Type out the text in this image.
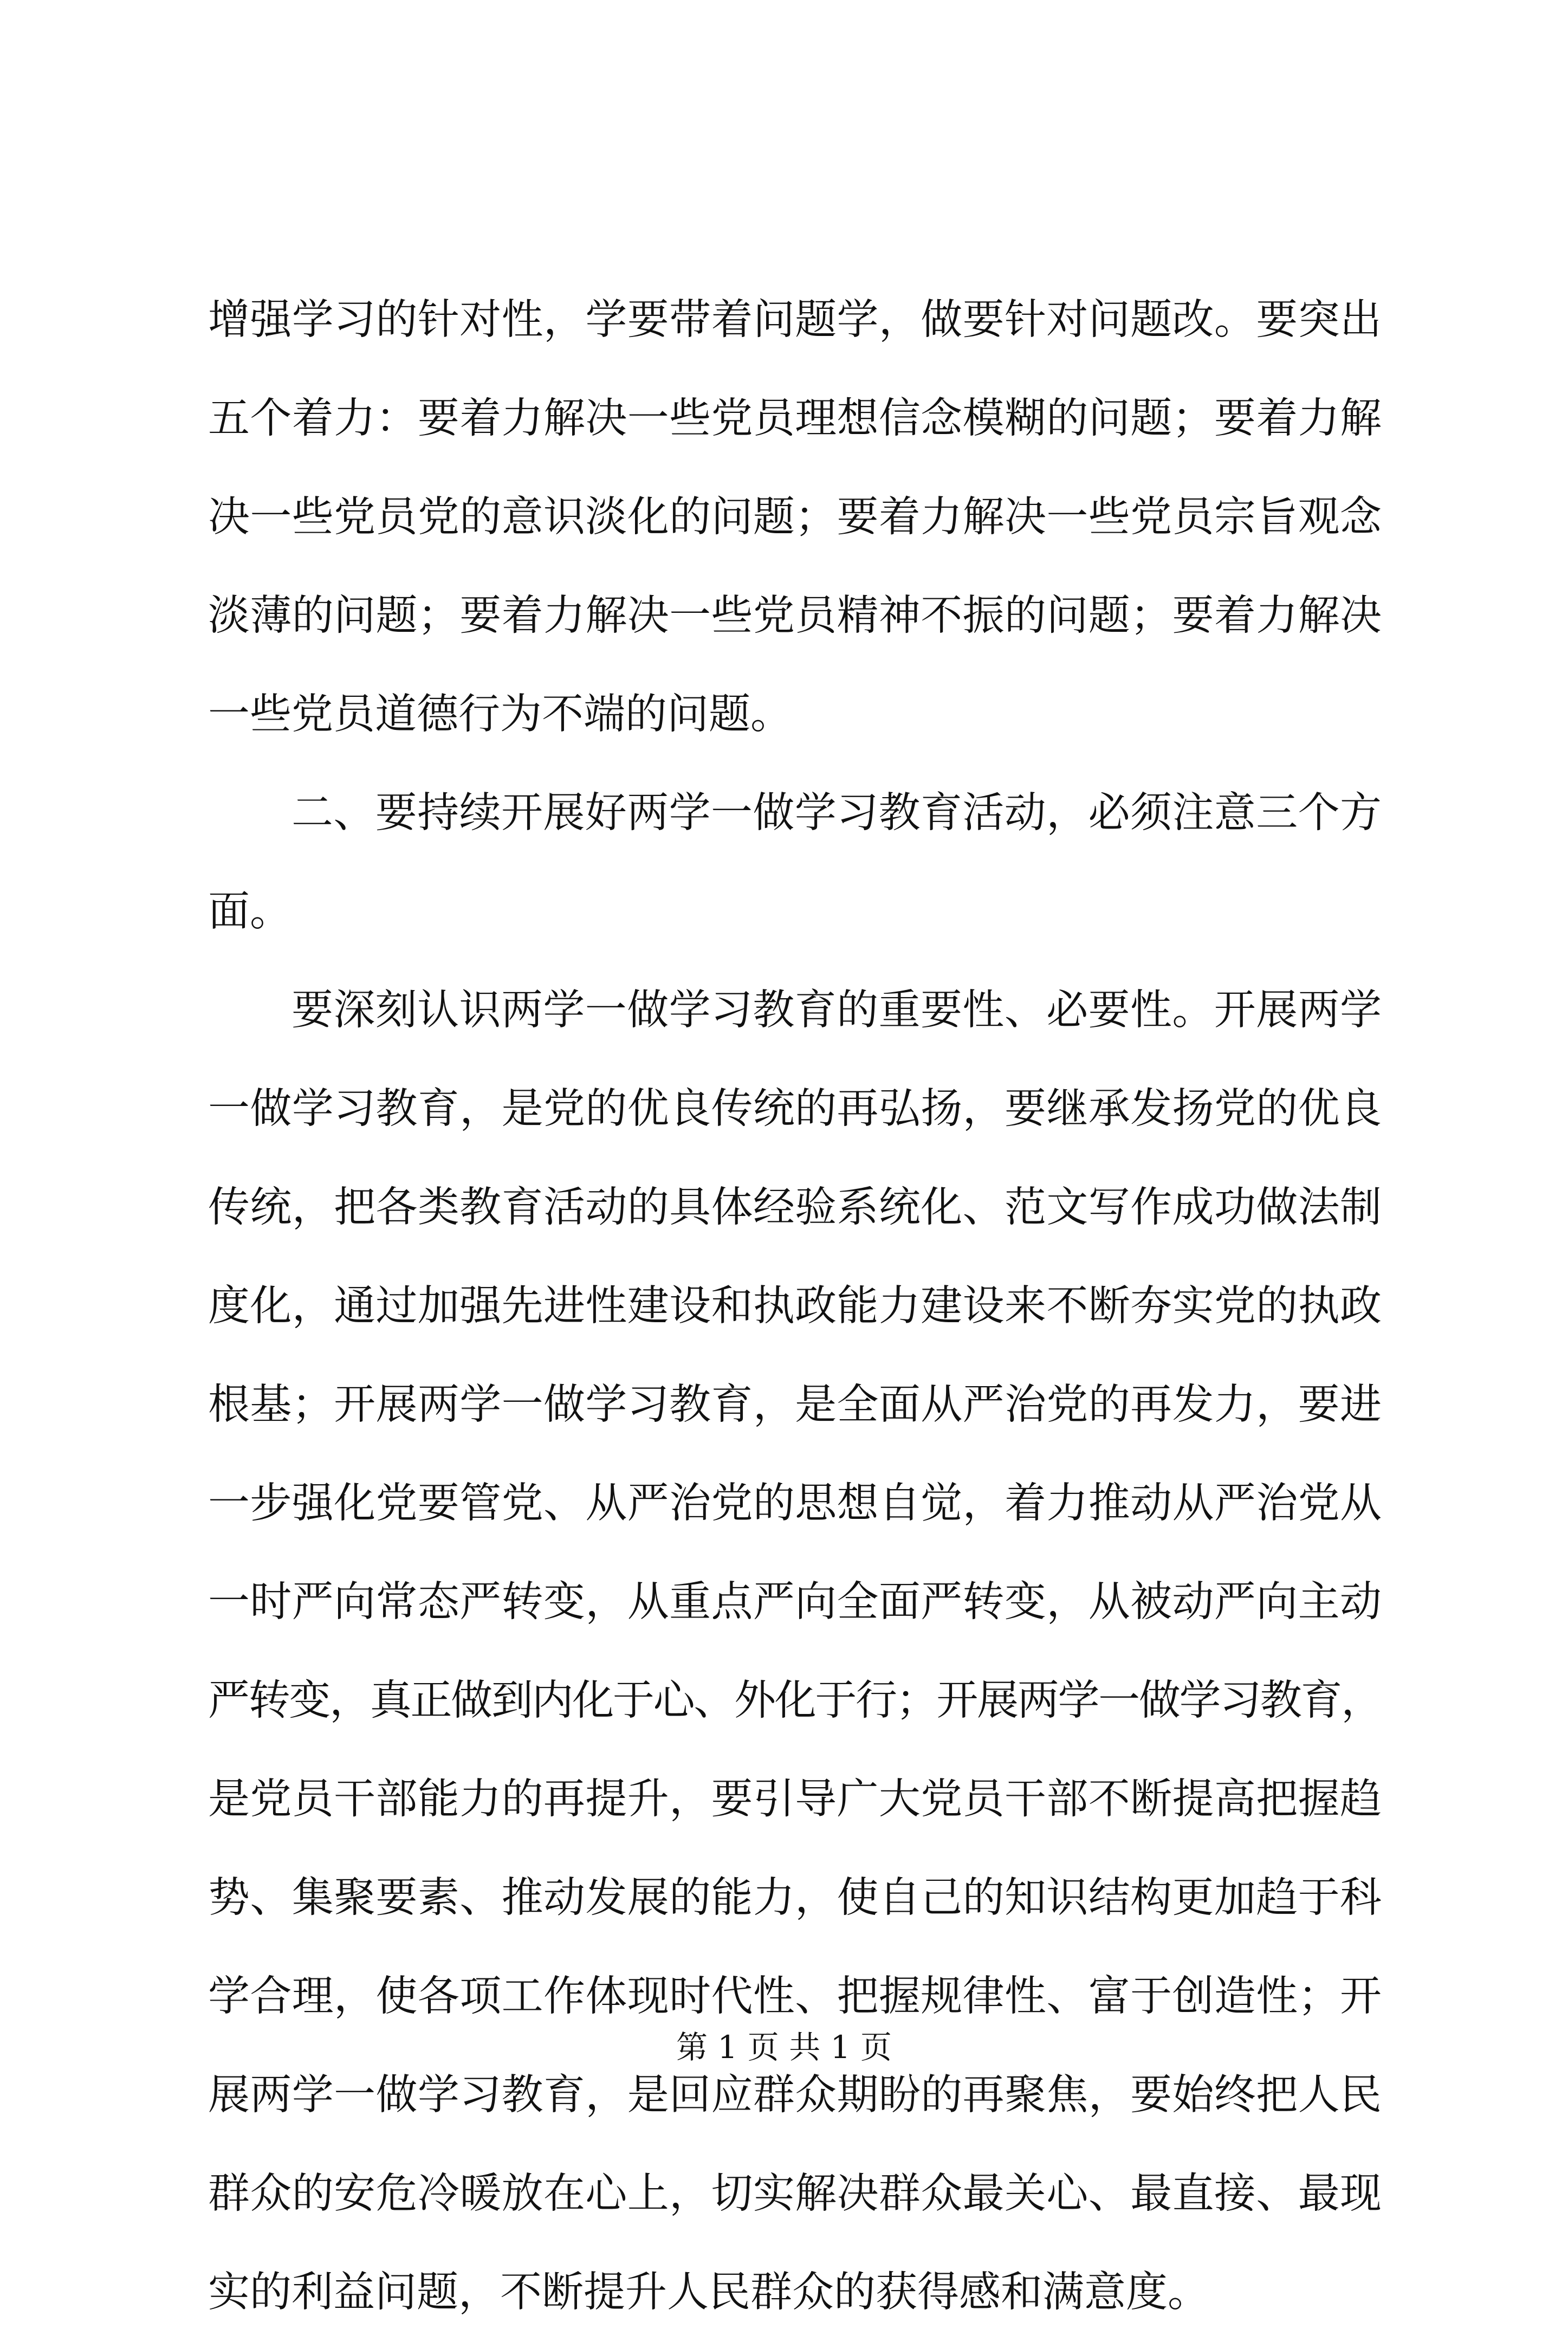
增强学习的针对性，学要带着问题学，做要针对问题改。要突出
五个着力：要着力解决一些党员理想信念模糊的问题；要着力解
决一些党员党的意识淡化的问题；要着力解决一些党员宗旨观念
淡薄的问题；要着力解决一些党员精神不振的问题；要着力解决
一些党员道德行为不端的问题。
二、要持续开展好两学一做学习教育活动，必须注意三个方
面。
要深刻认识两学一做学习教育的重要性、必要性。开展两学
一做学习教育，是党的优良传统的再弘扬，要继承发扬党的优良
传统，把各类教育活动的具体经验系统化、范文写作成功做法制
度化，通过加强先进性建设和执政能力建设来不断夯实党的执政
根基；开展两学一做学习教育，是全面从严治党的再发力，要进
一步强化党要管党、从严治党的思想自觉，着力推动从严治党从
一时严向常态严转变，从重点严向全面严转变，从被动严向主动
严转变，真正做到内化于心、外化于行；开展两学一做学习教育，
是党员干部能力的再提升，要引导广大党员干部不断提高把握趋
势、集聚要素、推动发展的能力，使自己的知识结构更加趋于科
学合理，使各项工作体现时代性、把握规律性、富于创造性；开
展两学一做学习教育，是回应群众期盼的再聚焦，要始终把人民
群众的安危冷暖放在心上，切实解决群众最关心、最直接、最现
实的利益问题，不断提升人民群众的获得感和满意度。
第 1 页 共 1 页
